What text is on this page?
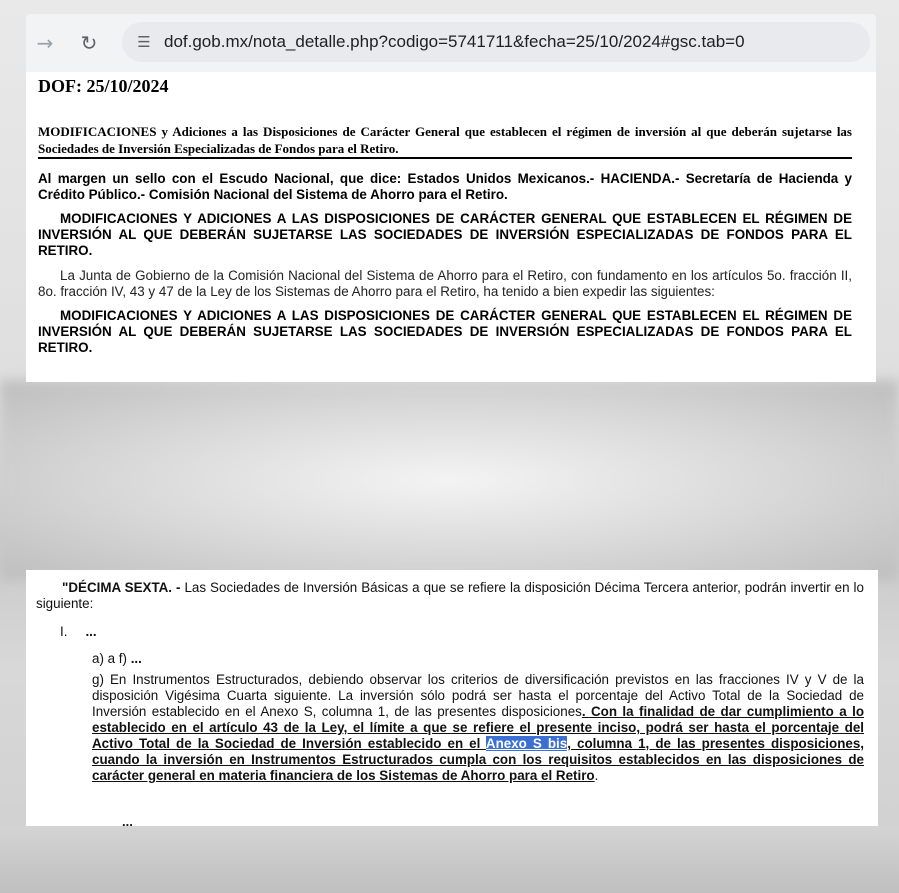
→	↻	☰ dof.gob.mx/nota_detalle.php?codigo=5741711&fecha=25/10/2024#gsc.tab=0
DOF: 25/10/2024
MODIFICACIONES y Adiciones a las Disposiciones de Carácter General que establecen el régimen de inversión al que deberán sujetarse las Sociedades de Inversión Especializadas de Fondos para el Retiro.
Al margen un sello con el Escudo Nacional, que dice: Estados Unidos Mexicanos.- HACIENDA.- Secretaría de Hacienda y Crédito Público.- Comisión Nacional del Sistema de Ahorro para el Retiro.
MODIFICACIONES Y ADICIONES A LAS DISPOSICIONES DE CARÁCTER GENERAL QUE ESTABLECEN EL RÉGIMEN DE INVERSIÓN AL QUE DEBERÁN SUJETARSE LAS SOCIEDADES DE INVERSIÓN ESPECIALIZADAS DE FONDOS PARA EL RETIRO.
La Junta de Gobierno de la Comisión Nacional del Sistema de Ahorro para el Retiro, con fundamento en los artículos 5o. fracción II, 8o. fracción IV, 43 y 47 de la Ley de los Sistemas de Ahorro para el Retiro, ha tenido a bien expedir las siguientes:
MODIFICACIONES Y ADICIONES A LAS DISPOSICIONES DE CARÁCTER GENERAL QUE ESTABLECEN EL RÉGIMEN DE INVERSIÓN AL QUE DEBERÁN SUJETARSE LAS SOCIEDADES DE INVERSIÓN ESPECIALIZADAS DE FONDOS PARA EL RETIRO.
"DÉCIMA SEXTA. - Las Sociedades de Inversión Básicas a que se refiere la disposición Décima Tercera anterior, podrán invertir en lo siguiente:
I. ...
a) a f) ...
g) En Instrumentos Estructurados, debiendo observar los criterios de diversificación previstos en las fracciones IV y V de la disposición Vigésima Cuarta siguiente. La inversión sólo podrá ser hasta el porcentaje del Activo Total de la Sociedad de Inversión establecido en el Anexo S, columna 1, de las presentes disposiciones. Con la finalidad de dar cumplimiento a lo establecido en el artículo 43 de la Ley, el límite a que se refiere el presente inciso, podrá ser hasta el porcentaje del Activo Total de la Sociedad de Inversión establecido en el Anexo S bis, columna 1, de las presentes disposiciones, cuando la inversión en Instrumentos Estructurados cumpla con los requisitos establecidos en las disposiciones de carácter general en materia financiera de los Sistemas de Ahorro para el Retiro.
...
